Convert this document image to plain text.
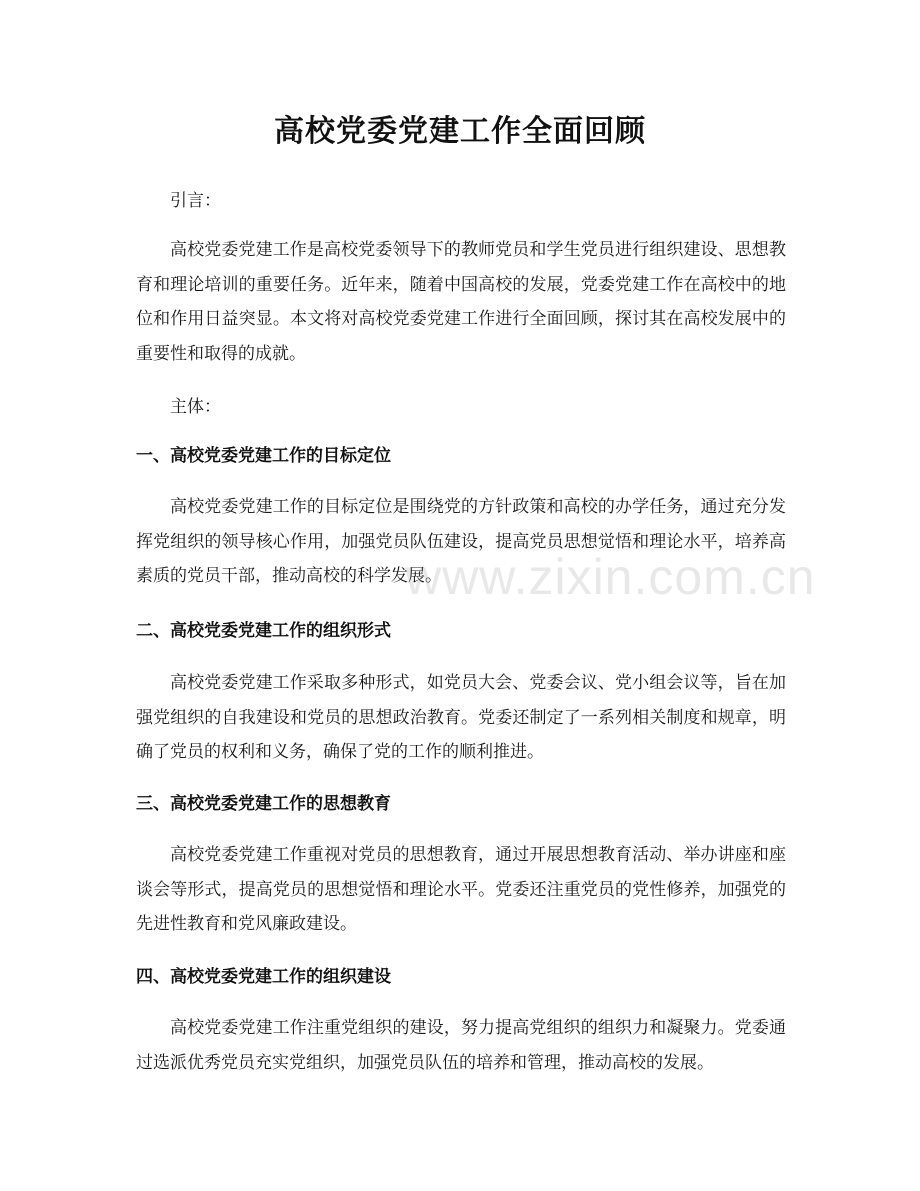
高校党委党建工作全面回顾

引言：

高校党委党建工作是高校党委领导下的教师党员和学生党员进行组织建设、思想教育和理论培训的重要任务。近年来，随着中国高校的发展，党委党建工作在高校中的地位和作用日益突显。本文将对高校党委党建工作进行全面回顾，探讨其在高校发展中的重要性和取得的成就。

主体：

一、高校党委党建工作的目标定位

高校党委党建工作的目标定位是围绕党的方针政策和高校的办学任务，通过充分发挥党组织的领导核心作用，加强党员队伍建设，提高党员思想觉悟和理论水平，培养高素质的党员干部，推动高校的科学发展。

二、高校党委党建工作的组织形式

高校党委党建工作采取多种形式，如党员大会、党委会议、党小组会议等，旨在加强党组织的自我建设和党员的思想政治教育。党委还制定了一系列相关制度和规章，明确了党员的权利和义务，确保了党的工作的顺利推进。

三、高校党委党建工作的思想教育

高校党委党建工作重视对党员的思想教育，通过开展思想教育活动、举办讲座和座谈会等形式，提高党员的思想觉悟和理论水平。党委还注重党员的党性修养，加强党的先进性教育和党风廉政建设。

四、高校党委党建工作的组织建设

高校党委党建工作注重党组织的建设，努力提高党组织的组织力和凝聚力。党委通过选派优秀党员充实党组织，加强党员队伍的培养和管理，推动高校的发展。

www.zixin.com.cn
